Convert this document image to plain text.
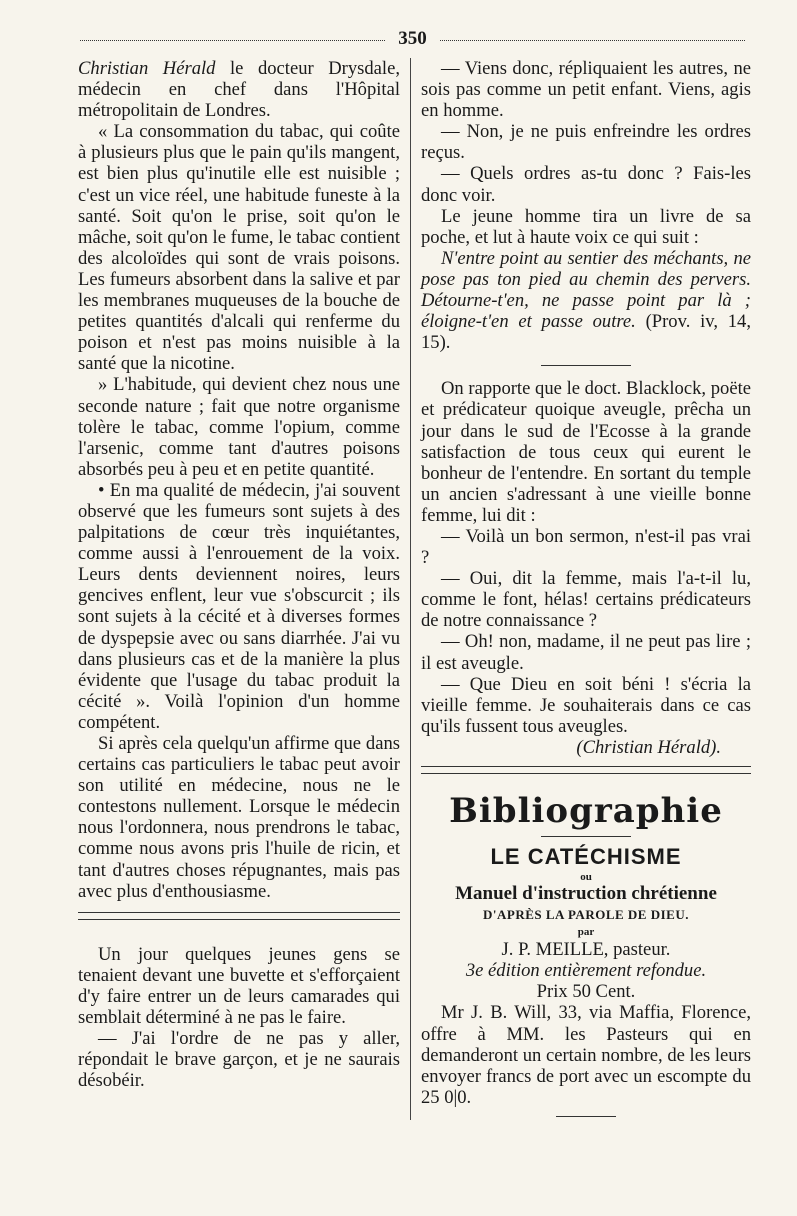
350

Christian Hérald le docteur Drysdale, médecin en chef dans l'Hôpital métropolitain de Londres.

« La consommation du tabac, qui coûte à plusieurs plus que le pain qu'ils mangent, est bien plus qu'inutile elle est nuisible ; c'est un vice réel, une habitude funeste à la santé. Soit qu'on le prise, soit qu'on le mâche, soit qu'on le fume, le tabac contient des alcoloïdes qui sont de vrais poisons. Les fumeurs absorbent dans la salive et par les membranes muqueuses de la bouche de petites quantités d'alcali qui renferme du poison et n'est pas moins nuisible à la santé que la nicotine.

» L'habitude, qui devient chez nous une seconde nature ; fait que notre organisme tolère le tabac, comme l'opium, comme l'arsenic, comme tant d'autres poisons absorbés peu à peu et en petite quantité.

• En ma qualité de médecin, j'ai souvent observé que les fumeurs sont sujets à des palpitations de cœur très inquiétantes, comme aussi à l'enrouement de la voix. Leurs dents deviennent noires, leurs gencives enflent, leur vue s'obscurcit ; ils sont sujets à la cécité et à diverses formes de dyspepsie avec ou sans diarrhée. J'ai vu dans plusieurs cas et de la manière la plus évidente que l'usage du tabac produit la cécité ». Voilà l'opinion d'un homme compétent.

Si après cela quelqu'un affirme que dans certains cas particuliers le tabac peut avoir son utilité en médecine, nous ne le contestons nullement. Lorsque le médecin nous l'ordonnera, nous prendrons le tabac, comme nous avons pris l'huile de ricin, et tant d'autres choses répugnantes, mais pas avec plus d'enthousiasme.

Un jour quelques jeunes gens se tenaient devant une buvette et s'efforçaient d'y faire entrer un de leurs camarades qui semblait déterminé à ne pas le faire.

— J'ai l'ordre de ne pas y aller, répondait le brave garçon, et je ne saurais désobéir.

— Viens donc, répliquaient les autres, ne sois pas comme un petit enfant. Viens, agis en homme.

— Non, je ne puis enfreindre les ordres reçus.

— Quels ordres as-tu donc ? Fais-les donc voir.

Le jeune homme tira un livre de sa poche, et lut à haute voix ce qui suit :

N'entre point au sentier des méchants, ne pose pas ton pied au chemin des pervers. Détourne-t'en, ne passe point par là ; éloigne-t'en et passe outre. (Prov. iv, 14, 15).

On rapporte que le doct. Blacklock, poëte et prédicateur quoique aveugle, prêcha un jour dans le sud de l'Ecosse à la grande satisfaction de tous ceux qui eurent le bonheur de l'entendre. En sortant du temple un ancien s'adressant à une vieille bonne femme, lui dit :

— Voilà un bon sermon, n'est-il pas vrai ?

— Oui, dit la femme, mais l'a-t-il lu, comme le font, hélas! certains prédicateurs de notre connaissance ?

— Oh! non, madame, il ne peut pas lire ; il est aveugle.

— Que Dieu en soit béni ! s'écria la vieille femme. Je souhaiterais dans ce cas qu'ils fussent tous aveugles.

(Christian Hérald).

Bibliographie

LE CATÉCHISME

ou

Manuel d'instruction chrétienne

D'APRÈS LA PAROLE DE DIEU.

par

J. P. MEILLE, pasteur.

3e édition entièrement refondue.

Prix 50 Cent.

Mr J. B. Will, 33, via Maffia, Florence, offre à MM. les Pasteurs qui en demanderont un certain nombre, de les leurs envoyer francs de port avec un escompte du 25 0|0.
